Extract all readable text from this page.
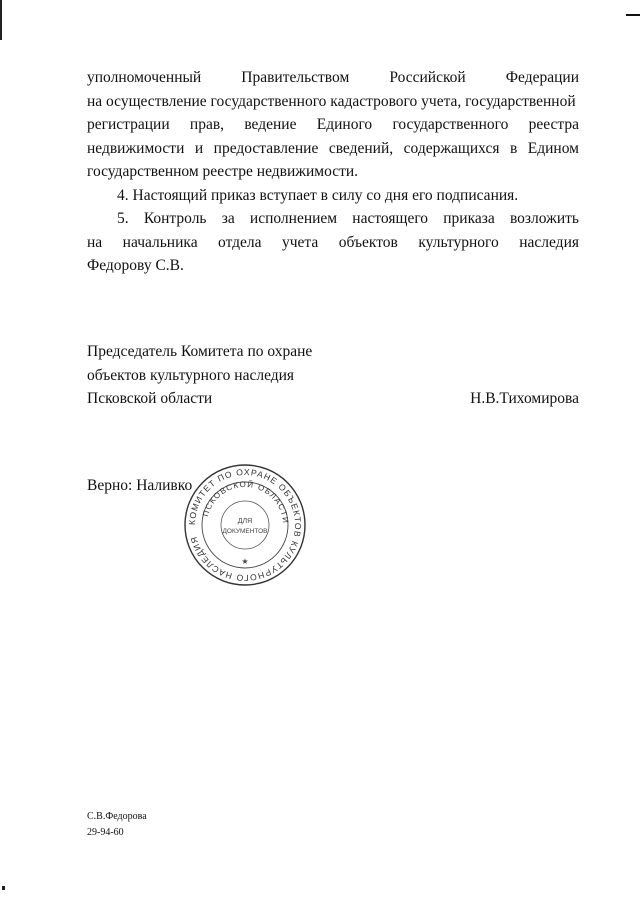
уполномоченный Правительством Российской Федерации
на осуществление государственного кадастрового учета, государственной
регистрации прав, ведение Единого государственного реестра
недвижимости и предоставление сведений, содержащихся в Едином
государственном реестре недвижимости.
4. Настоящий приказ вступает в силу со дня его подписания.
5. Контроль за исполнением настоящего приказа возложить
на начальника отдела учета объектов культурного наследия
Федорову С.В.
Председатель Комитета по охране
объектов культурного наследия
Псковской области	Н.В.Тихомирова
Верно: Наливко
КОМИТЕТ ПО ОХРАНЕ ОБЪЕКТОВ КУЛЬТУРНОГО НАСЛЕДИЯ
ПСКОВСКОЙ ОБЛАСТИ
ДЛЯ
ДОКУМЕНТОВ
★
С.В.Федорова
29-94-60
